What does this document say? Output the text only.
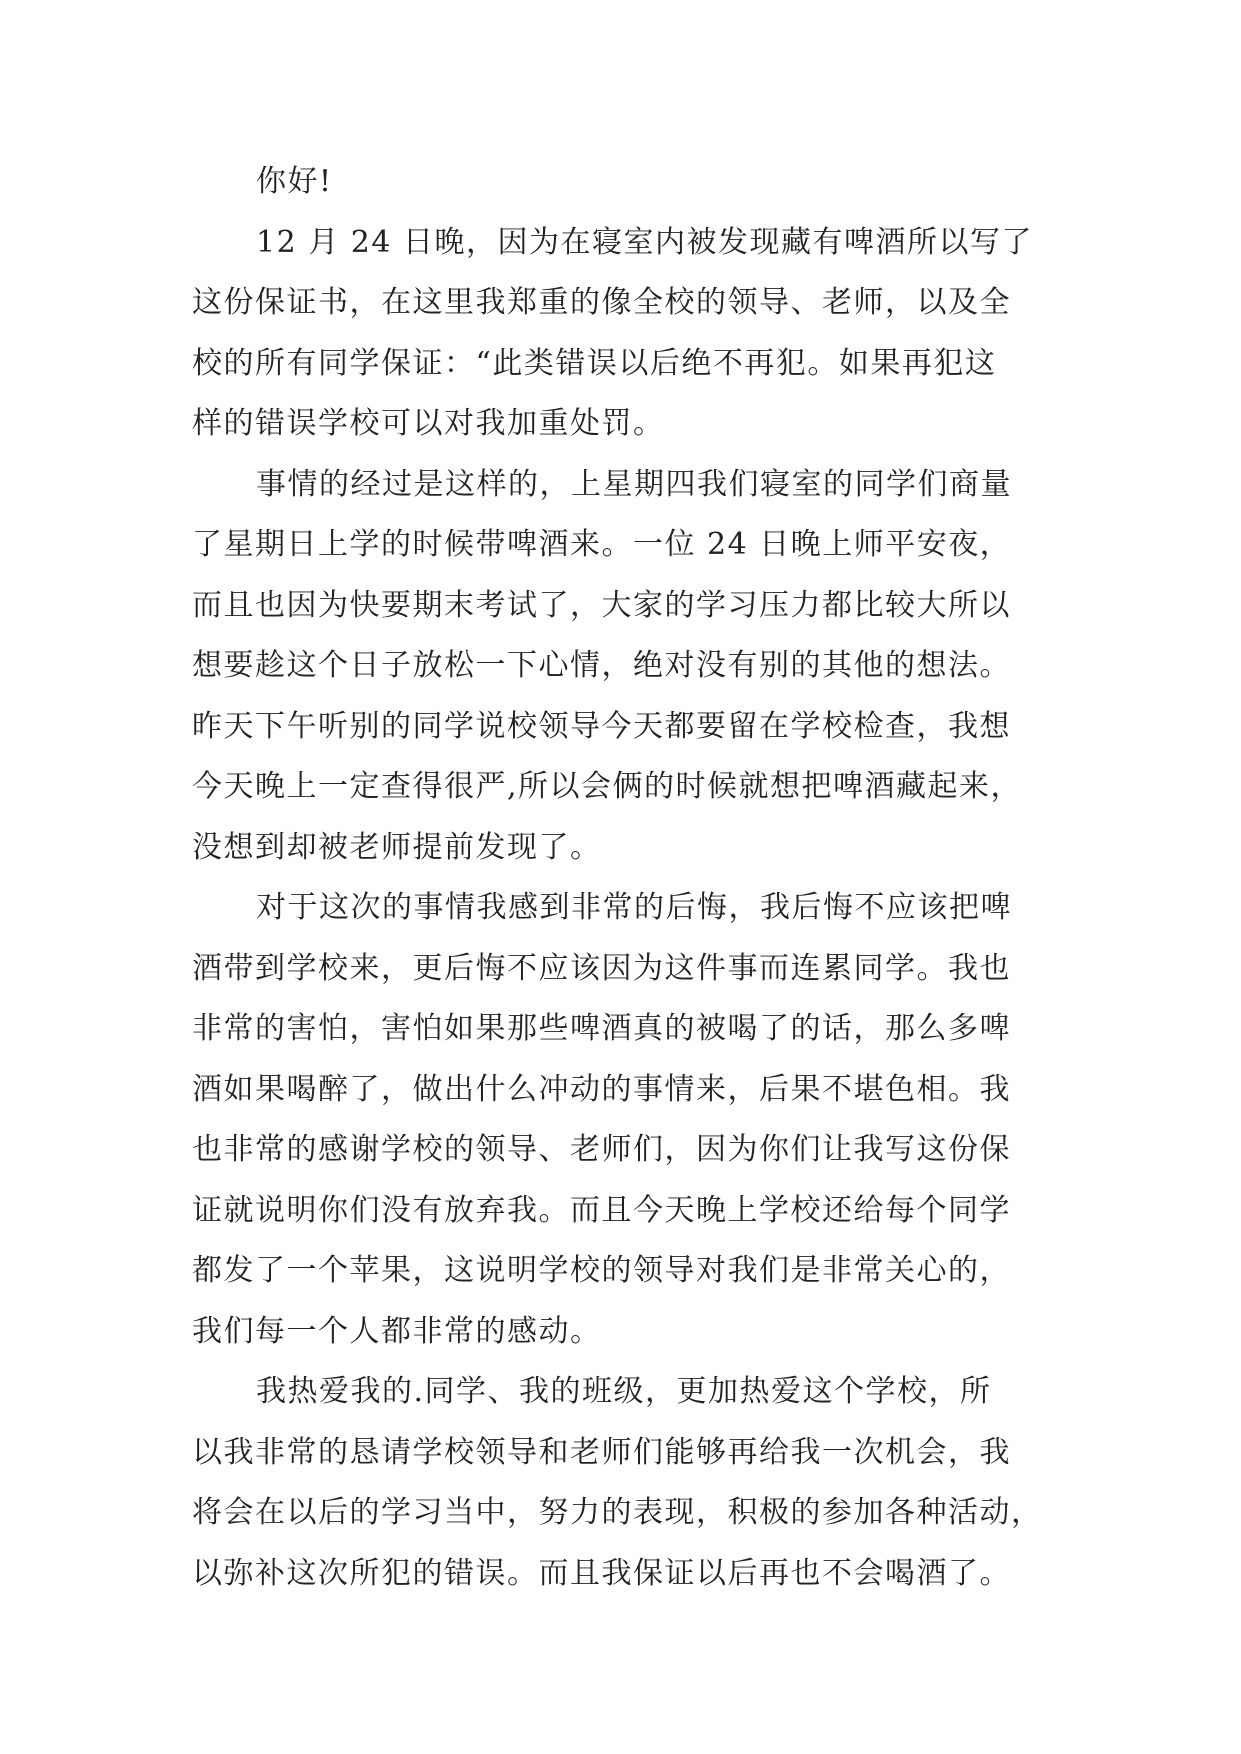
你好!
12 月 24 日晚，因为在寝室内被发现藏有啤酒所以写了
这份保证书，在这里我郑重的像全校的领导、老师，以及全
校的所有同学保证：“此类错误以后绝不再犯。如果再犯这
样的错误学校可以对我加重处罚。
事情的经过是这样的，上星期四我们寝室的同学们商量
了星期日上学的时候带啤酒来。一位 24 日晚上师平安夜，
而且也因为快要期末考试了，大家的学习压力都比较大所以
想要趁这个日子放松一下心情，绝对没有别的其他的想法。
昨天下午听别的同学说校领导今天都要留在学校检查，我想
今天晚上一定查得很严,所以会俩的时候就想把啤酒藏起来，
没想到却被老师提前发现了。
对于这次的事情我感到非常的后悔，我后悔不应该把啤
酒带到学校来，更后悔不应该因为这件事而连累同学。我也
非常的害怕，害怕如果那些啤酒真的被喝了的话，那么多啤
酒如果喝醉了，做出什么冲动的事情来，后果不堪色相。我
也非常的感谢学校的领导、老师们，因为你们让我写这份保
证就说明你们没有放弃我。而且今天晚上学校还给每个同学
都发了一个苹果，这说明学校的领导对我们是非常关心的，
我们每一个人都非常的感动。
我热爱我的.同学、我的班级，更加热爱这个学校，所
以我非常的恳请学校领导和老师们能够再给我一次机会，我
将会在以后的学习当中，努力的表现，积极的参加各种活动，
以弥补这次所犯的错误。而且我保证以后再也不会喝酒了。
